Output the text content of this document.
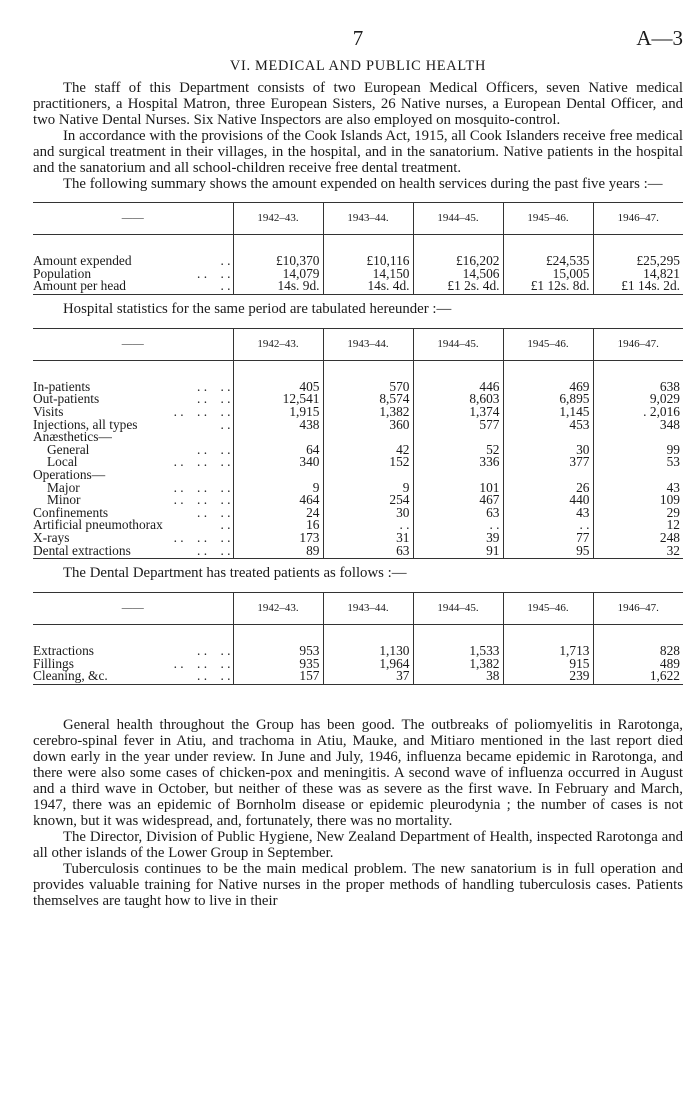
7	A—3
VI. MEDICAL AND PUBLIC HEALTH

The staff of this Department consists of two European Medical Officers, seven Native medical practitioners, a Hospital Matron, three European Sisters, 26 Native nurses, a European Dental Officer, and two Native Dental Nurses. Six Native Inspectors are also employed on mosquito-control.

In accordance with the provisions of the Cook Islands Act, 1915, all Cook Islanders receive free medical and surgical treatment in their villages, in the hospital, and in the sanatorium. Native patients in the hospital and the sanatorium and all school-children receive free dental treatment.

The following summary shows the amount expended on health services during the past five years :—

——	1942–43.	1943–44.	1944–45.	1945–46.	1946–47.
Amount expended . .	£10,370	£10,116	£16,202	£24,535	£25,295
Population . .    . .	14,079	14,150	14,506	15,005	14,821
Amount per head . .	14s. 9d.	14s. 4d.	£1 2s. 4d.	£1 12s. 8d.	£1 14s. 2d.

Hospital statistics for the same period are tabulated hereunder :—

——	1942–43.	1943–44.	1944–45.	1945–46.	1946–47.
In-patients . .    . .	405	570	446	469	638
Out-patients . .    . .	12,541	8,574	8,603	6,895	9,029
Visits . .    . .    . .	1,915	1,382	1,374	1,145	. 2,016
Injections, all types . .	438	360	577	453	348
Anæsthetics—

General . .    . .	64	42	52	30	99
Local . .    . .    . .	340	152	336	377	53
Operations—

Major . .    . .    . .	9	9	101	26	43
Minor . .    . .    . .	464	254	467	440	109
Confinements . .    . .	24	30	63	43	29
Artificial pneumothorax . .	16	. .	. .	. .	12
X-rays . .    . .    . .	173	31	39	77	248
Dental extractions . .    . .	89	63	91	95	32

The Dental Department has treated patients as follows :—

——	1942–43.	1943–44.	1944–45.	1945–46.	1946–47.
Extractions . .    . .	953	1,130	1,533	1,713	828
Fillings . .    . .    . .	935	1,964	1,382	915	489
Cleaning, &c. . .    . .	157	37	38	239	1,622

General health throughout the Group has been good. The outbreaks of poliomyelitis in Rarotonga, cerebro-spinal fever in Atiu, and trachoma in Atiu, Mauke, and Mitiaro mentioned in the last report died down early in the year under review. In June and July, 1946, influenza became epidemic in Rarotonga, and there were also some cases of chicken-pox and meningitis. A second wave of influenza occurred in August and a third wave in October, but neither of these was as severe as the first wave. In February and March, 1947, there was an epidemic of Bornholm disease or epidemic pleurodynia ; the number of cases is not known, but it was widespread, and, fortunately, there was no mortality.

The Director, Division of Public Hygiene, New Zealand Department of Health, inspected Rarotonga and all other islands of the Lower Group in September.

Tuberculosis continues to be the main medical problem. The new sanatorium is in full operation and provides valuable training for Native nurses in the proper methods of handling tuberculosis cases. Patients themselves are taught how to live in their
